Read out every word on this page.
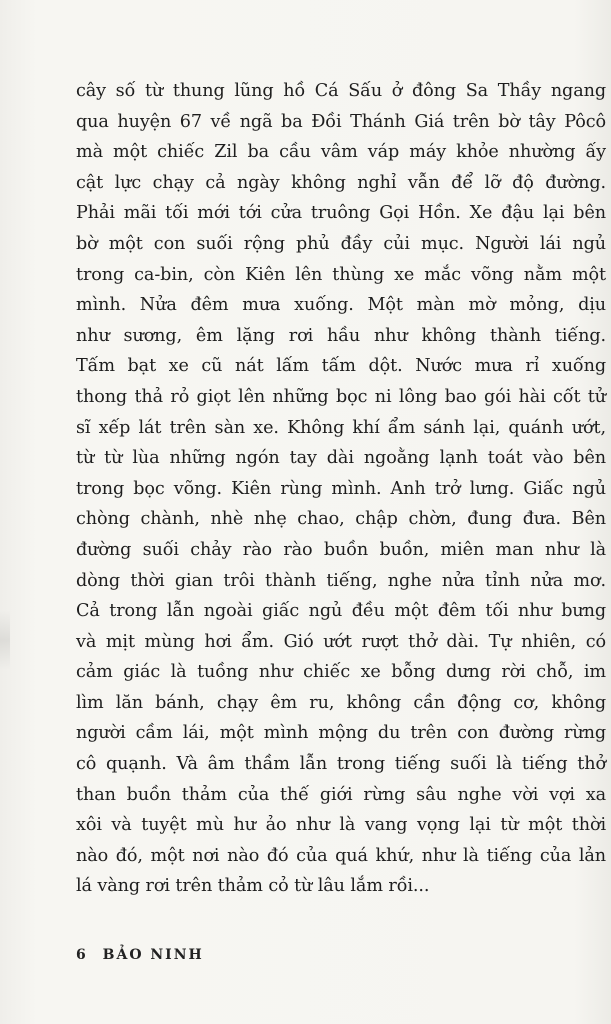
cây số từ thung lũng hồ Cá Sấu ở đông Sa Thầy ngang
qua huyện 67 về ngã ba Đồi Thánh Giá trên bờ tây Pôcô
mà một chiếc Zil ba cầu vâm váp máy khỏe nhường ấy
cật lực chạy cả ngày không nghỉ vẫn để lỡ độ đường.
Phải mãi tối mới tới cửa truông Gọi Hồn. Xe đậu lại bên
bờ một con suối rộng phủ đầy củi mục. Người lái ngủ
trong ca-bin, còn Kiên lên thùng xe mắc võng nằm một
mình. Nửa đêm mưa xuống. Một màn mờ mỏng, dịu
như sương, êm lặng rơi hầu như không thành tiếng.
Tấm bạt xe cũ nát lấm tấm dột. Nước mưa rỉ xuống
thong thả rỏ giọt lên những bọc ni lông bao gói hài cốt tử
sĩ xếp lát trên sàn xe. Không khí ẩm sánh lại, quánh ướt,
từ từ lùa những ngón tay dài ngoằng lạnh toát vào bên
trong bọc võng. Kiên rùng mình. Anh trở lưng. Giấc ngủ
chòng chành, nhè nhẹ chao, chập chờn, đung đưa. Bên
đường suối chảy rào rào buồn buồn, miên man như là
dòng thời gian trôi thành tiếng, nghe nửa tỉnh nửa mơ.
Cả trong lẫn ngoài giấc ngủ đều một đêm tối như bưng
và mịt mùng hơi ẩm. Gió ướt rượt thở dài. Tự nhiên, có
cảm giác là tuồng như chiếc xe bỗng dưng rời chỗ, im
lìm lăn bánh, chạy êm ru, không cần động cơ, không
người cầm lái, một mình mộng du trên con đường rừng
cô quạnh. Và âm thầm lẫn trong tiếng suối là tiếng thở
than buồn thảm của thế giới rừng sâu nghe vời vợi xa
xôi và tuyệt mù hư ảo như là vang vọng lại từ một thời
nào đó, một nơi nào đó của quá khứ, như là tiếng của lản
lá vàng rơi trên thảm cỏ từ lâu lắm rồi...
6 BẢO NINH
